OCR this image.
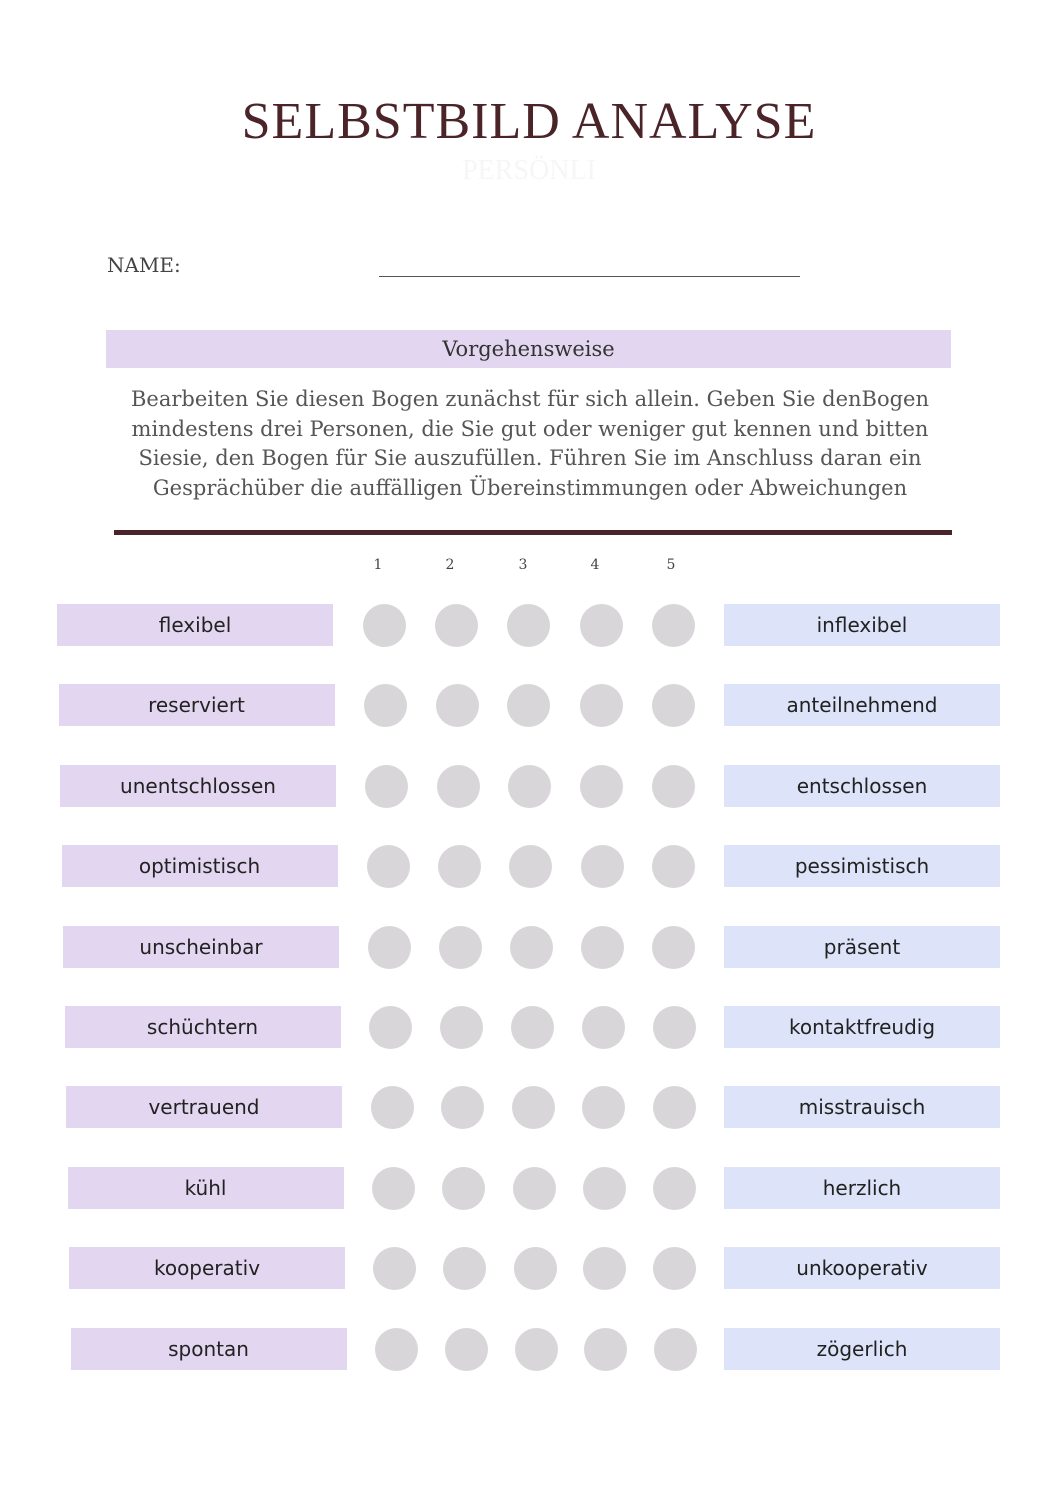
SELBSTBILD ANALYSE
PERSÖNLI
NAME:
Vorgehensweise
Bearbeiten Sie diesen Bogen zunächst für sich allein. Geben Sie denBogen mindestens drei Personen, die Sie gut oder weniger gut kennen und bitten Siesie, den Bogen für Sie auszufüllen. Führen Sie im Anschluss daran ein Gesprächüber die auffälligen Übereinstimmungen oder Abweichungen
1	2	3	4	5
flexibel	inflexibel
reserviert	anteilnehmend
unentschlossen	entschlossen
optimistisch	pessimistisch
unscheinbar	präsent
schüchtern	kontaktfreudig
vertrauend	misstrauisch
kühl	herzlich
kooperativ	unkooperativ
spontan	zögerlich
